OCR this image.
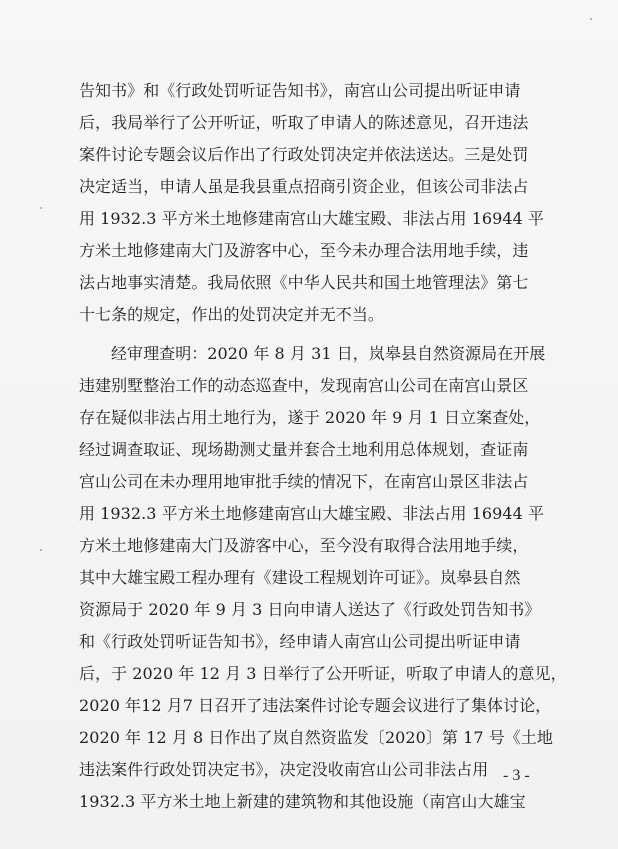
告知书》和《行政处罚听证告知书》，南宫山公司提出听证申请
后，我局举行了公开听证，听取了申请人的陈述意见，召开违法
案件讨论专题会议后作出了行政处罚决定并依法送达。三是处罚
决定适当，申请人虽是我县重点招商引资企业，但该公司非法占
用 1932.3 平方米土地修建南宫山大雄宝殿、非法占用 16944 平
方米土地修建南大门及游客中心，至今未办理合法用地手续，违
法占地事实清楚。我局依照《中华人民共和国土地管理法》第七
十七条的规定，作出的处罚决定并无不当。
经审理查明：2020 年 8 月 31 日，岚皋县自然资源局在开展
违建别墅整治工作的动态巡查中，发现南宫山公司在南宫山景区
存在疑似非法占用土地行为，遂于 2020 年 9 月 1 日立案查处，
经过调查取证、现场勘测丈量并套合土地利用总体规划，查证南
宫山公司在未办理用地审批手续的情况下，在南宫山景区非法占
用 1932.3 平方米土地修建南宫山大雄宝殿、非法占用 16944 平
方米土地修建南大门及游客中心，至今没有取得合法用地手续，
其中大雄宝殿工程办理有《建设工程规划许可证》。岚皋县自然
资源局于 2020 年 9 月 3 日向申请人送达了《行政处罚告知书》
和《行政处罚听证告知书》，经申请人南宫山公司提出听证申请
后，于 2020 年 12 月 3 日举行了公开听证，听取了申请人的意见，
2020 年12 月7 日召开了违法案件讨论专题会议进行了集体讨论，
2020 年 12 月 8 日作出了岚自然资监发〔2020〕第 17 号《土地
违法案件行政处罚决定书》，决定没收南宫山公司非法占用
1932.3 平方米土地上新建的建筑物和其他设施（南宫山大雄宝
- 3 -
